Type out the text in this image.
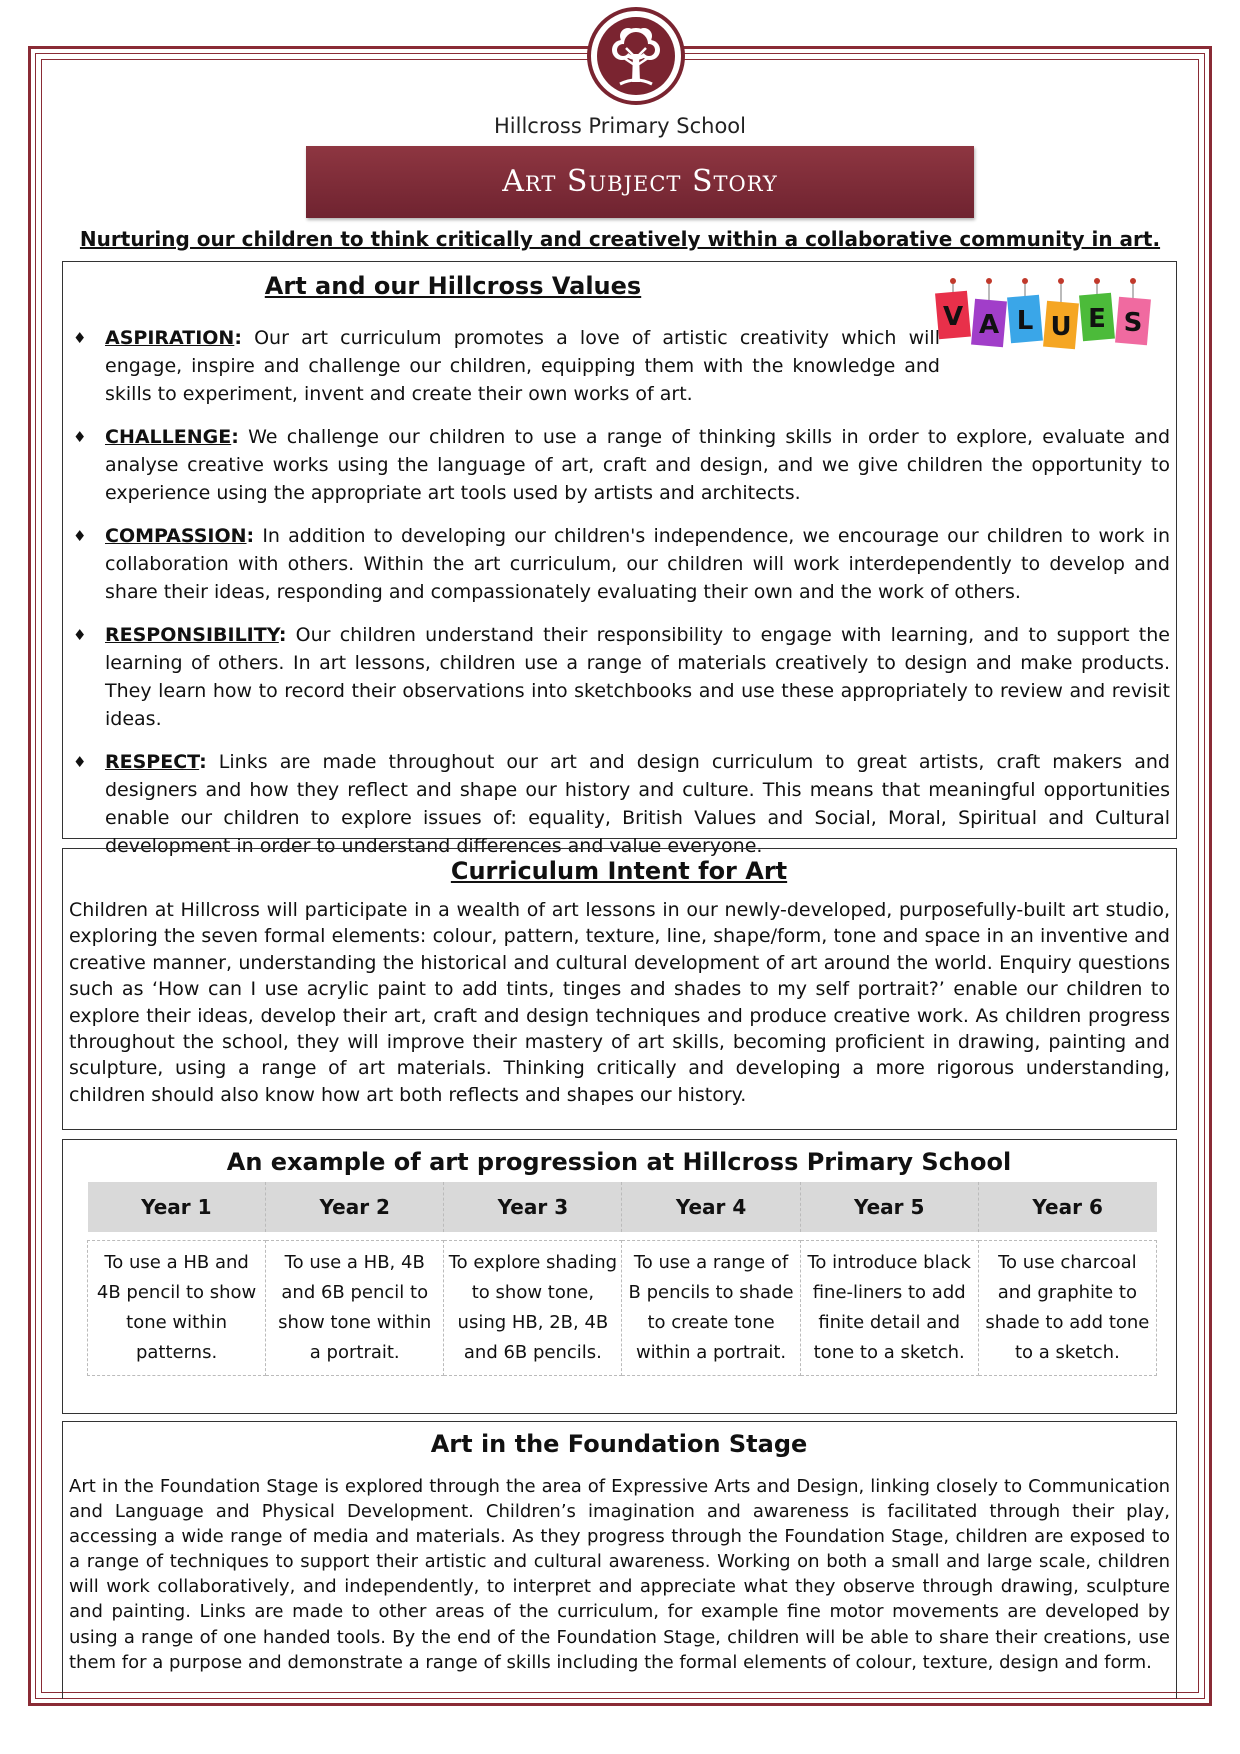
Hillcross Primary School
Art Subject Story
Nurturing our children to think critically and creatively within a collaborative community in art.
Art and our Hillcross Values
V A L U E S
♦ ASPIRATION: Our art curriculum promotes a love of artistic creativity which will engage, inspire and challenge our children, equipping them with the knowledge and skills to experiment, invent and create their own works of art.
♦ CHALLENGE: We challenge our children to use a range of thinking skills in order to explore, evaluate and analyse creative works using the language of art, craft and design, and we give children the opportunity to experience using the appropriate art tools used by artists and architects.
♦ COMPASSION: In addition to developing our children's independence, we encourage our children to work in collaboration with others. Within the art curriculum, our children will work interdependently to develop and share their ideas, responding and compassionately evaluating their own and the work of others.
♦ RESPONSIBILITY: Our children understand their responsibility to engage with learning, and to support the learning of others. In art lessons, children use a range of materials creatively to design and make products. They learn how to record their observations into sketchbooks and use these appropriately to review and revisit ideas.
♦ RESPECT: Links are made throughout our art and design curriculum to great artists, craft makers and designers and how they reflect and shape our history and culture. This means that meaningful opportunities enable our children to explore issues of: equality, British Values and Social, Moral, Spiritual and Cultural development in order to understand differences and value everyone.
Curriculum Intent for Art
Children at Hillcross will participate in a wealth of art lessons in our newly-developed, purposefully-built art studio, exploring the seven formal elements: colour, pattern, texture, line, shape/form, tone and space in an inventive and creative manner, understanding the historical and cultural development of art around the world. Enquiry questions such as ‘How can I use acrylic paint to add tints, tinges and shades to my self portrait?’ enable our children to explore their ideas, develop their art, craft and design techniques and produce creative work. As children progress throughout the school, they will improve their mastery of art skills, becoming proficient in drawing, painting and sculpture, using a range of art materials. Thinking critically and developing a more rigorous understanding, children should also know how art both reflects and shapes our history.
An example of art progression at Hillcross Primary School
Year 1	Year 2	Year 3	Year 4	Year 5	Year 6

To use a HB and 4B pencil to show tone within patterns.	To use a HB, 4B and 6B pencil to show tone within a portrait.	To explore shading to show tone, using HB, 2B, 4B and 6B pencils.	To use a range of B pencils to shade to create tone within a portrait.	To introduce black fine-liners to add finite detail and tone to a sketch.	To use charcoal and graphite to shade to add tone to a sketch.
Art in the Foundation Stage
Art in the Foundation Stage is explored through the area of Expressive Arts and Design, linking closely to Communication and Language and Physical Development. Children’s imagination and awareness is facilitated through their play, accessing a wide range of media and materials. As they progress through the Foundation Stage, children are exposed to a range of techniques to support their artistic and cultural awareness. Working on both a small and large scale, children will work collaboratively, and independently, to interpret and appreciate what they observe through drawing, sculpture and painting. Links are made to other areas of the curriculum, for example fine motor movements are developed by using a range of one handed tools. By the end of the Foundation Stage, children will be able to share their creations, use them for a purpose and demonstrate a range of skills including the formal elements of colour, texture, design and form.
